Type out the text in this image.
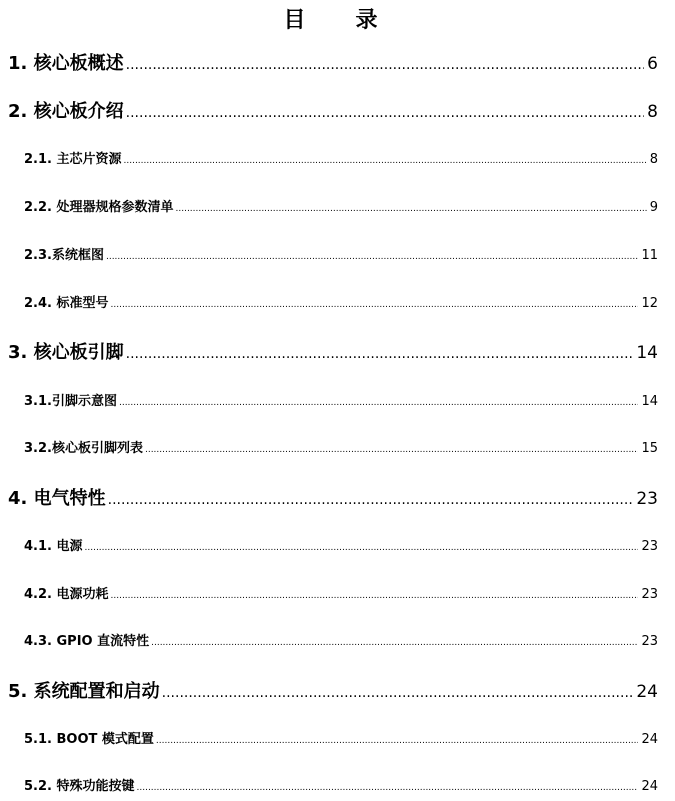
目　录
1. 核心板概述 .....	6
2. 核心板介绍 .....	8
2.1. 主芯片资源 .....	8
2.2. 处理器规格参数清单 .....	9
2.3.系统框图 .....	11
2.4. 标准型号 .....	12
3. 核心板引脚 .....	14
3.1.引脚示意图 .....	14
3.2.核心板引脚列表 .....	15
4. 电气特性 .....	23
4.1. 电源 .....	23
4.2. 电源功耗 .....	23
4.3. GPIO 直流特性 .....	23
5. 系统配置和启动 .....	24
5.1. BOOT 模式配置 .....	24
5.2. 特殊功能按键 .....	24
